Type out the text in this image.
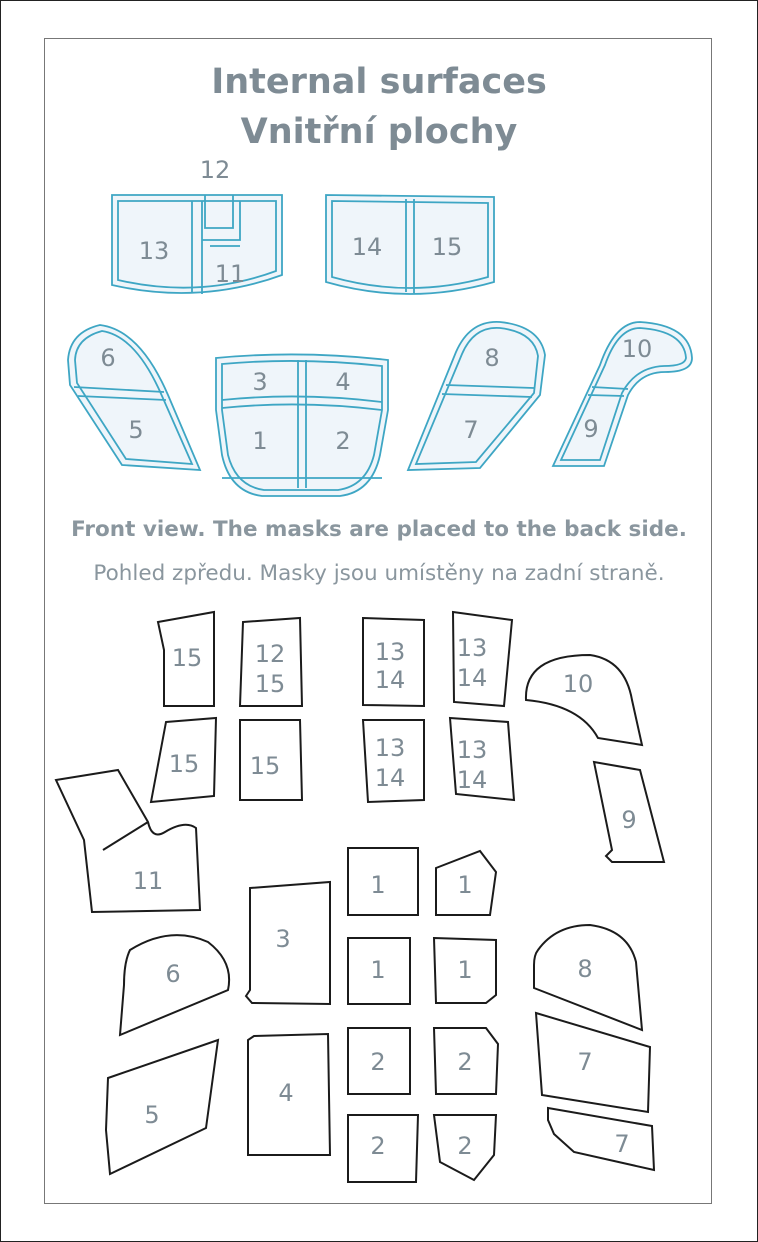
Internal surfaces
Vnitřní plochy
12
13
11
14 15
6
5
3	4
1	2
8
7
10
9
15 12
15
13
14
13
14	10
15 15
13
14
13
14
9
11
6
5
3
4
1	1
1	1
2	2
2	2
8
7
7
Front view. The masks are placed to the back side.
Pohled zpředu. Masky jsou umístěny na zadní straně.
